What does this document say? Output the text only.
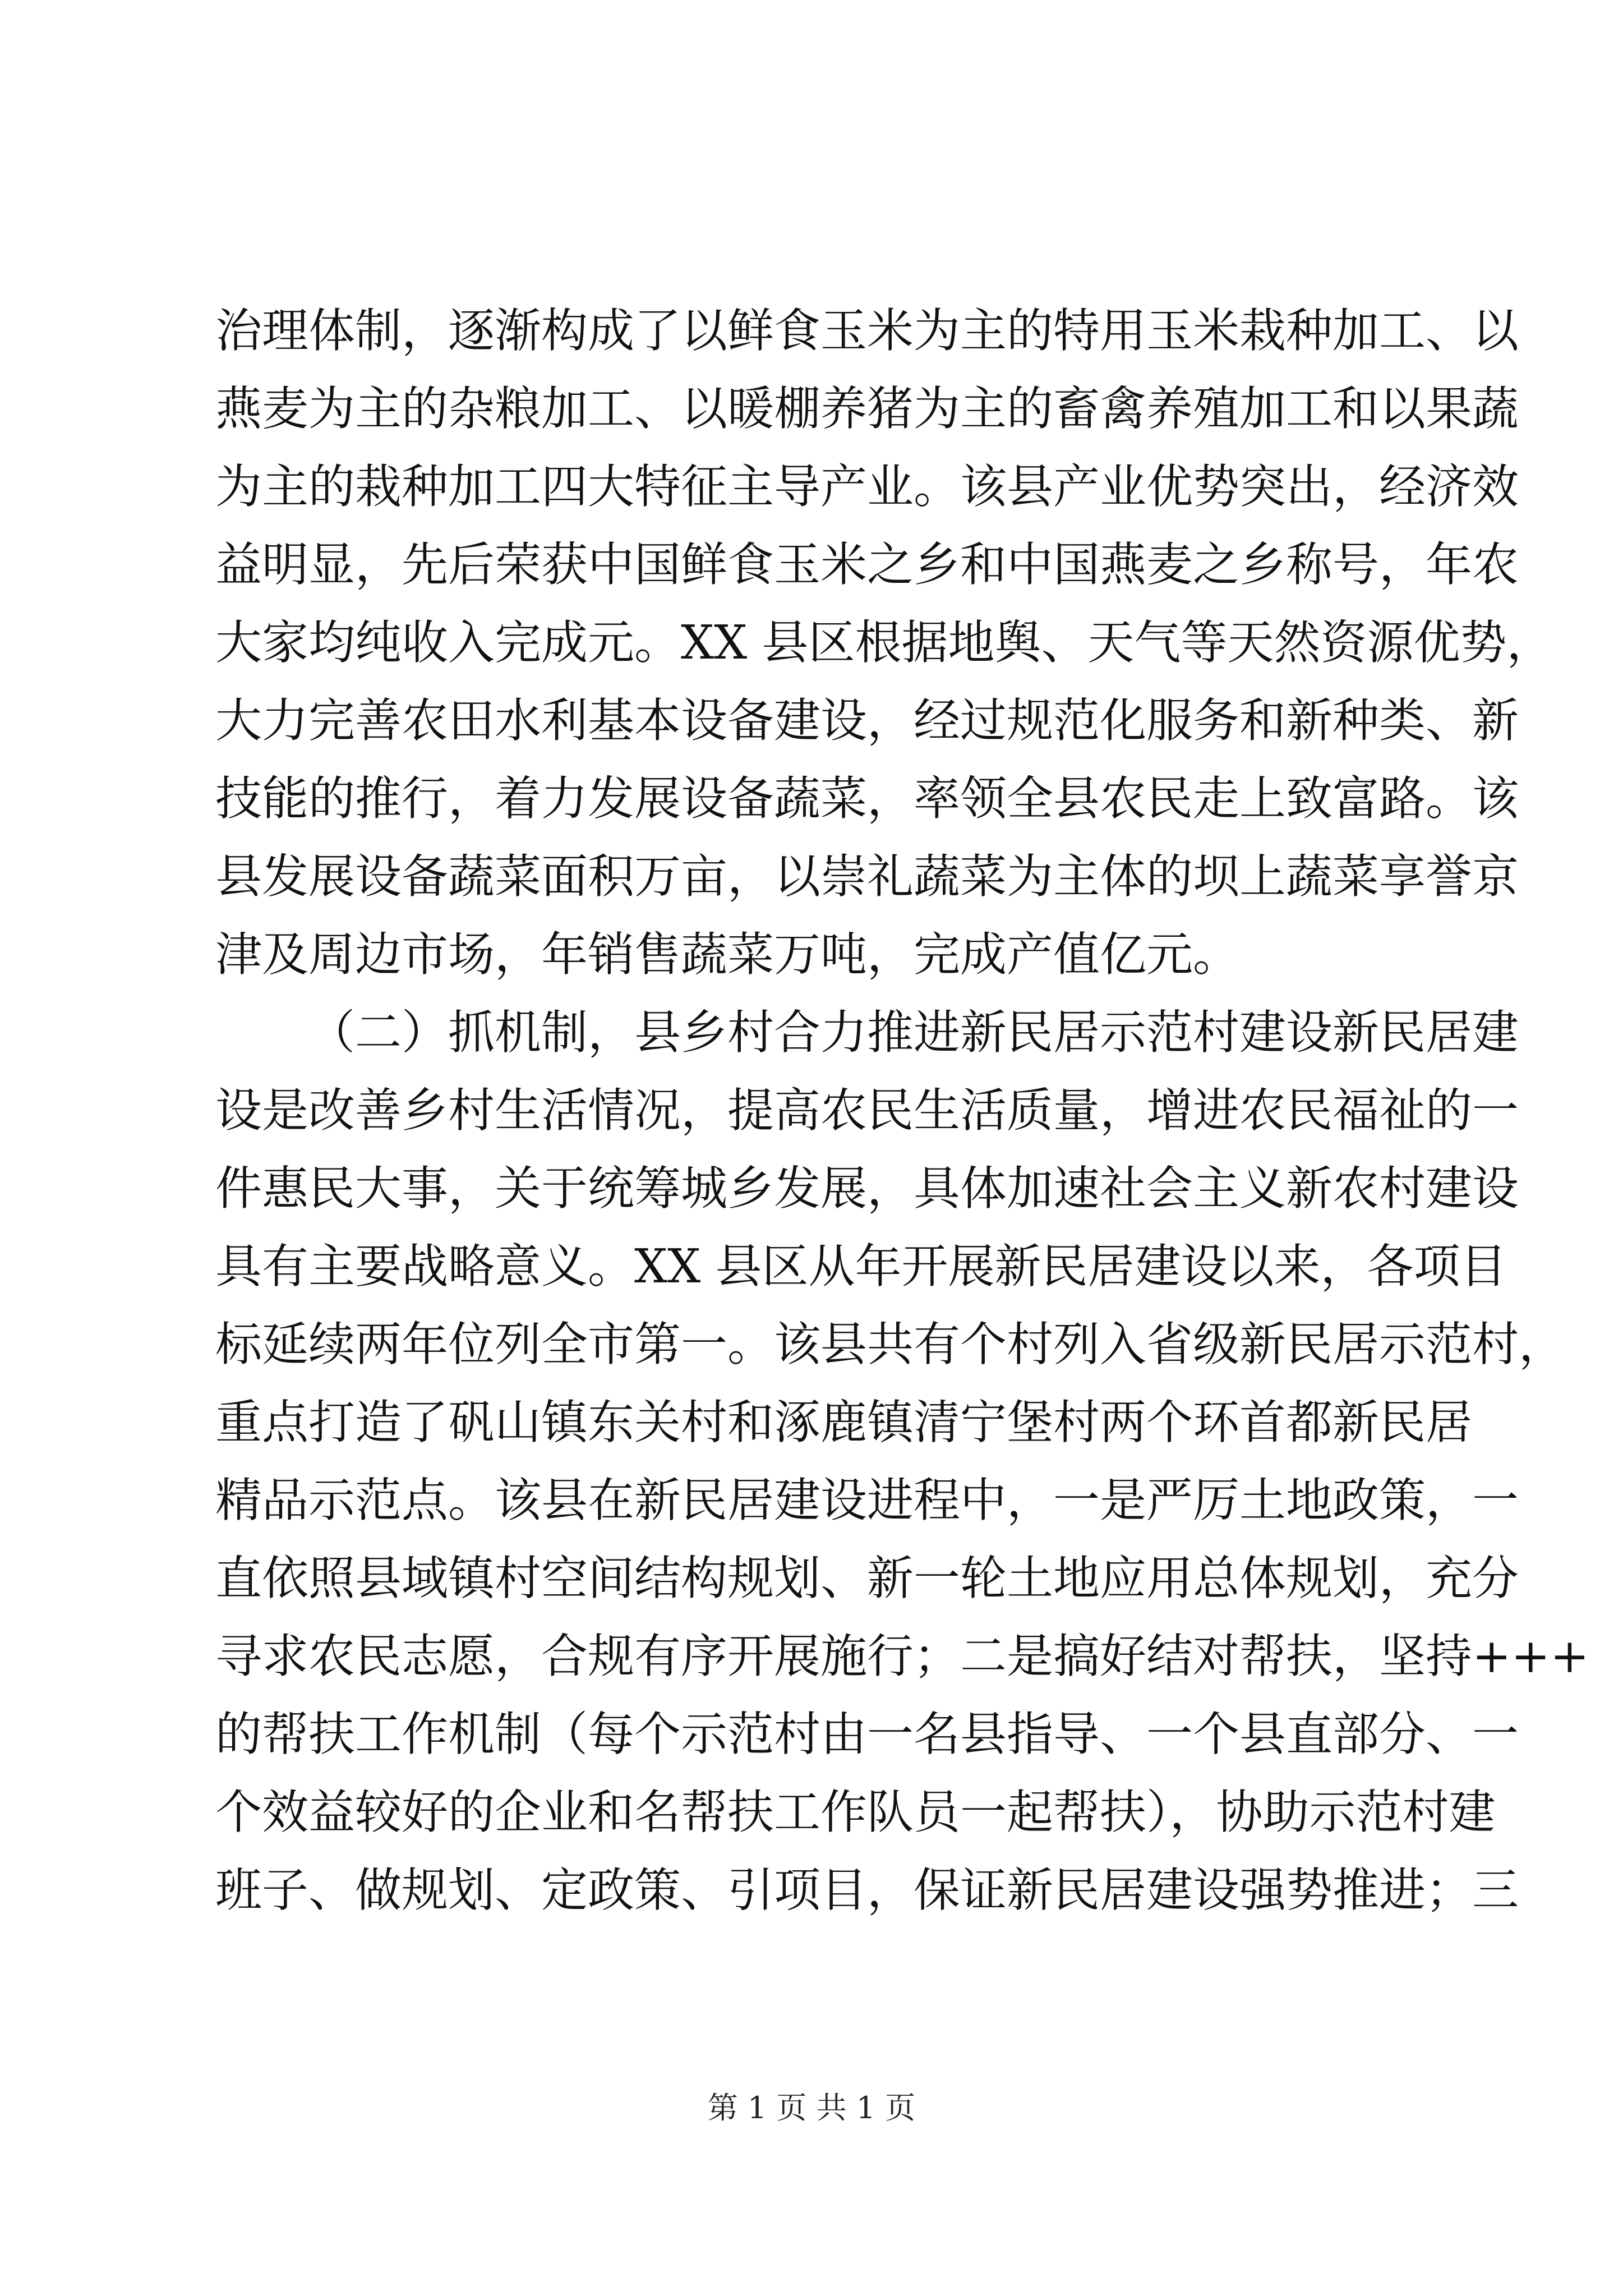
治理体制，逐渐构成了以鲜食玉米为主的特用玉米栽种加工、以
燕麦为主的杂粮加工、以暖棚养猪为主的畜禽养殖加工和以果蔬
为主的栽种加工四大特征主导产业。该县产业优势突出，经济效
益明显，先后荣获中国鲜食玉米之乡和中国燕麦之乡称号，年农
大家均纯收入完成元。XX 县区根据地舆、天气等天然资源优势，
大力完善农田水利基本设备建设，经过规范化服务和新种类、新
技能的推行，着力发展设备蔬菜，率领全县农民走上致富路。该
县发展设备蔬菜面积万亩，以崇礼蔬菜为主体的坝上蔬菜享誉京
津及周边市场，年销售蔬菜万吨，完成产值亿元。
（二）抓机制，县乡村合力推进新民居示范村建设新民居建
设是改善乡村生活情况，提高农民生活质量，增进农民福祉的一
件惠民大事，关于统筹城乡发展，具体加速社会主义新农村建设
具有主要战略意义。XX 县区从年开展新民居建设以来，各项目
标延续两年位列全市第一。该县共有个村列入省级新民居示范村，
重点打造了矾山镇东关村和涿鹿镇清宁堡村两个环首都新民居
精品示范点。该县在新民居建设进程中，一是严厉土地政策，一
直依照县域镇村空间结构规划、新一轮土地应用总体规划，充分
寻求农民志愿，合规有序开展施行；二是搞好结对帮扶，坚持+++
的帮扶工作机制（每个示范村由一名县指导、一个县直部分、一
个效益较好的企业和名帮扶工作队员一起帮扶），协助示范村建
班子、做规划、定政策、引项目，保证新民居建设强势推进；三
第 1 页 共 1 页
